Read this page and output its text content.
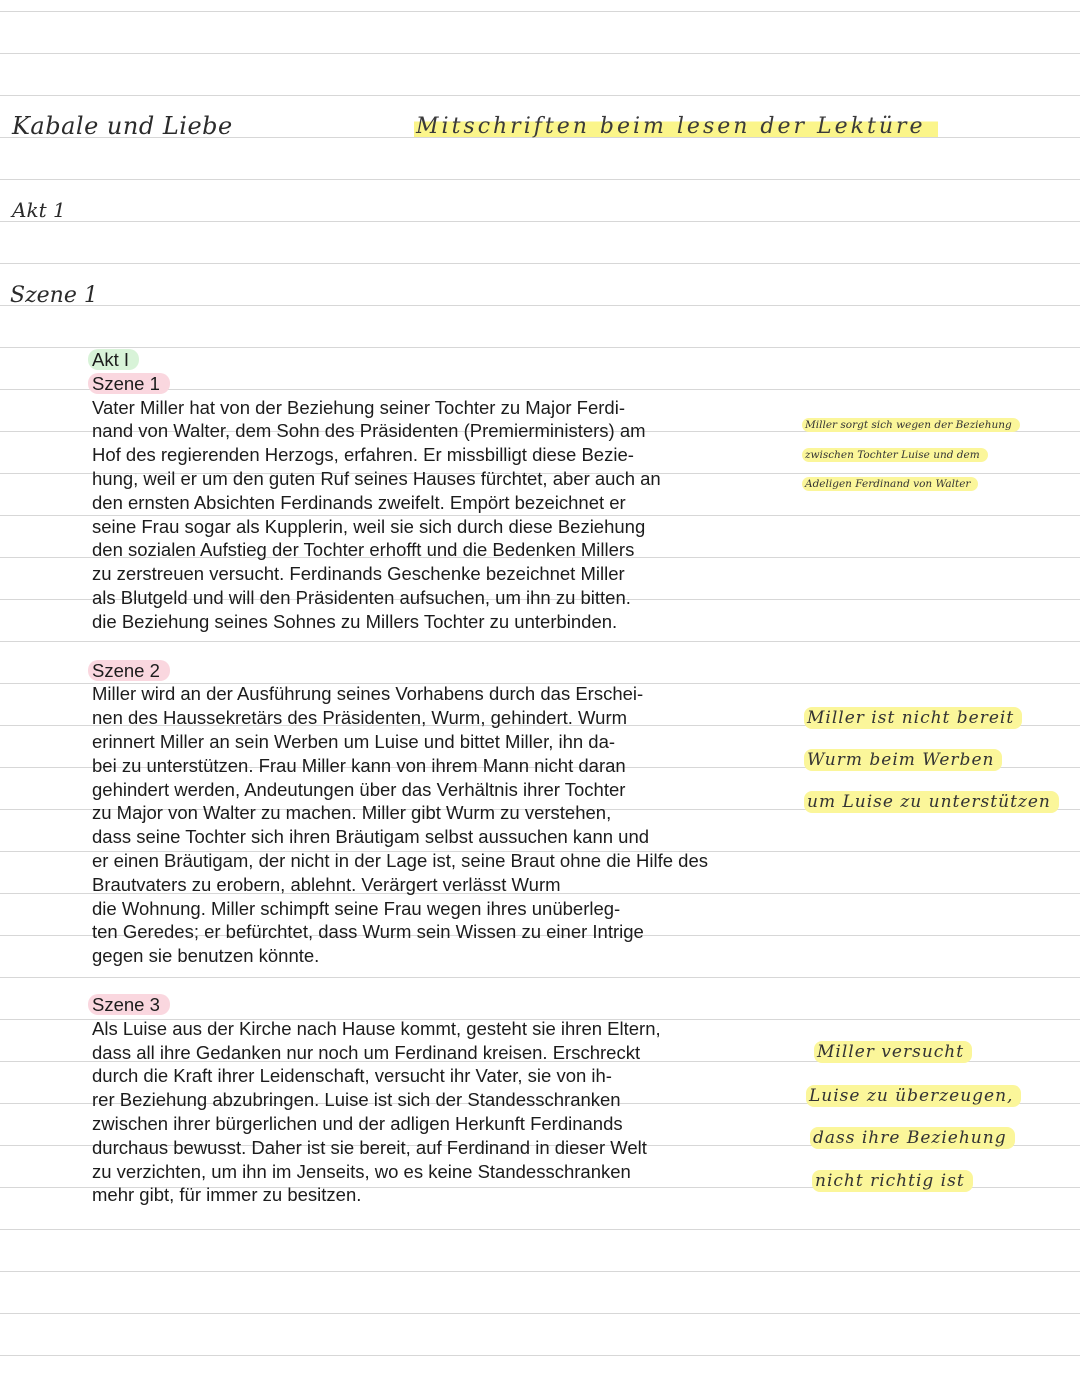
Kabale und Liebe	Mitschriften beim lesen der Lektüre
Akt 1
Szene 1
Akt I
Szene 1

Vater Miller hat von der Beziehung seiner Tochter zu Major Ferdi-
nand von Walter, dem Sohn des Präsidenten (Premierministers) am
Hof des regierenden Herzogs, erfahren. Er missbilligt diese Bezie-
hung, weil er um den guten Ruf seines Hauses fürchtet, aber auch an
den ernsten Absichten Ferdinands zweifelt. Empört bezeichnet er
seine Frau sogar als Kupplerin, weil sie sich durch diese Beziehung
den sozialen Aufstieg der Tochter erhofft und die Bedenken Millers
zu zerstreuen versucht. Ferdinands Geschenke bezeichnet Miller
als Blutgeld und will den Präsidenten aufsuchen, um ihn zu bitten.
die Beziehung seines Sohnes zu Millers Tochter zu unterbinden.

Szene 2

Miller wird an der Ausführung seines Vorhabens durch das Erschei-
nen des Haussekretärs des Präsidenten, Wurm, gehindert. Wurm
erinnert Miller an sein Werben um Luise und bittet Miller, ihn da-
bei zu unterstützen. Frau Miller kann von ihrem Mann nicht daran
gehindert werden, Andeutungen über das Verhältnis ihrer Tochter
zu Major von Walter zu machen. Miller gibt Wurm zu verstehen,
dass seine Tochter sich ihren Bräutigam selbst aussuchen kann und
er einen Bräutigam, der nicht in der Lage ist, seine Braut ohne die Hilfe des
Brautvaters zu erobern, ablehnt. Verärgert verlässt Wurm
die Wohnung. Miller schimpft seine Frau wegen ihres unüberleg-
ten Geredes; er befürchtet, dass Wurm sein Wissen zu einer Intrige
gegen sie benutzen könnte.

Szene 3

Als Luise aus der Kirche nach Hause kommt, gesteht sie ihren Eltern,
dass all ihre Gedanken nur noch um Ferdinand kreisen. Erschreckt
durch die Kraft ihrer Leidenschaft, versucht ihr Vater, sie von ih-
rer Beziehung abzubringen. Luise ist sich der Standesschranken
zwischen ihrer bürgerlichen und der adligen Herkunft Ferdinands
durchaus bewusst. Daher ist sie bereit, auf Ferdinand in dieser Welt
zu verzichten, um ihn im Jenseits, wo es keine Standesschranken
mehr gibt, für immer zu besitzen.

Miller sorgt sich wegen der Beziehung
zwischen Tochter Luise und dem
Adeligen Ferdinand von Walter
Miller ist nicht bereit
Wurm beim Werben
um Luise zu unterstützen
Miller versucht
Luise zu überzeugen,
dass ihre Beziehung
nicht richtig ist
